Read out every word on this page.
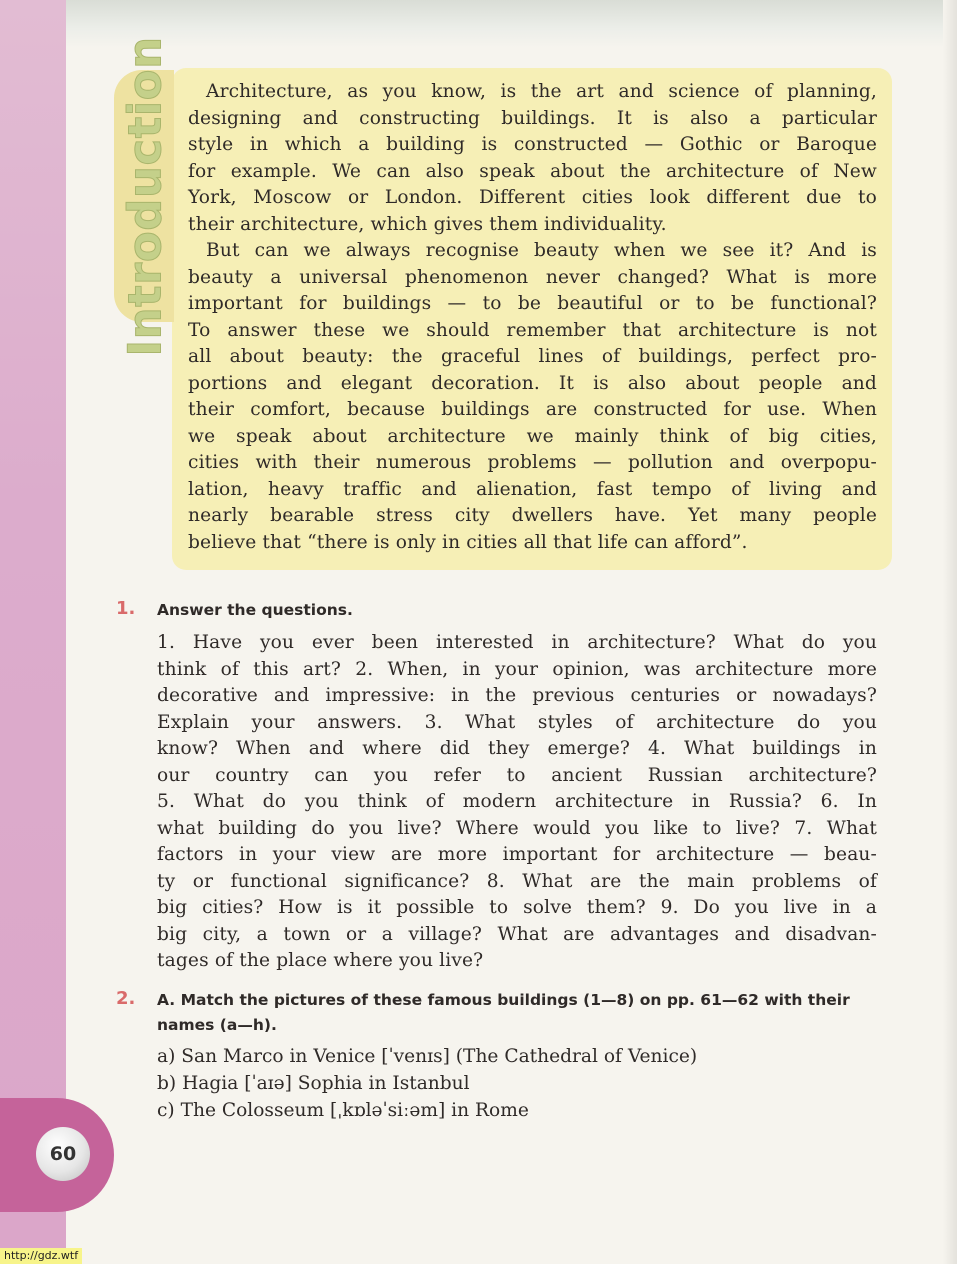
Introduction	Architecture, as you know, is the art and science of planning,
designing and constructing buildings. It is also a particular
style in which a building is constructed — Gothic or Baroque
for example. We can also speak about the architecture of New
York, Moscow or London. Different cities look different due to
their architecture, which gives them individuality.
But can we always recognise beauty when we see it? And is
beauty a universal phenomenon never changed? What is more
important for buildings — to be beautiful or to be functional?
To answer these we should remember that architecture is not
all about beauty: the graceful lines of buildings, perfect pro-
portions and elegant decoration. It is also about people and
their comfort, because buildings are constructed for use. When
we speak about architecture we mainly think of big cities,
cities with their numerous problems — pollution and overpopu-
lation, heavy traffic and alienation, fast tempo of living and
nearly bearable stress city dwellers have. Yet many people
believe that “there is only in cities all that life can afford”.
1. Answer the questions.
1. Have you ever been interested in architecture? What do you
think of this art? 2. When, in your opinion, was architecture more
decorative and impressive: in the previous centuries or nowadays?
Explain your answers. 3. What styles of architecture do you
know? When and where did they emerge? 4. What buildings in
our country can you refer to ancient Russian architecture?
5. What do you think of modern architecture in Russia? 6. In
what building do you live? Where would you like to live? 7. What
factors in your view are more important for architecture — beau-
ty or functional significance? 8. What are the main problems of
big cities? How is it possible to solve them? 9. Do you live in a
big city, a town or a village? What are advantages and disadvan-
tages of the place where you live?
2. A. Match the pictures of these famous buildings (1—8) on pp. 61—62 with their
names (a—h).
a) San Marco in Venice [ˈvenɪs] (The Cathedral of Venice)
b) Hagia [ˈaɪə] Sophia in Istanbul
c) The Colosseum [ˌkɒləˈsiːəm] in Rome
60
http://gdz.wtf
